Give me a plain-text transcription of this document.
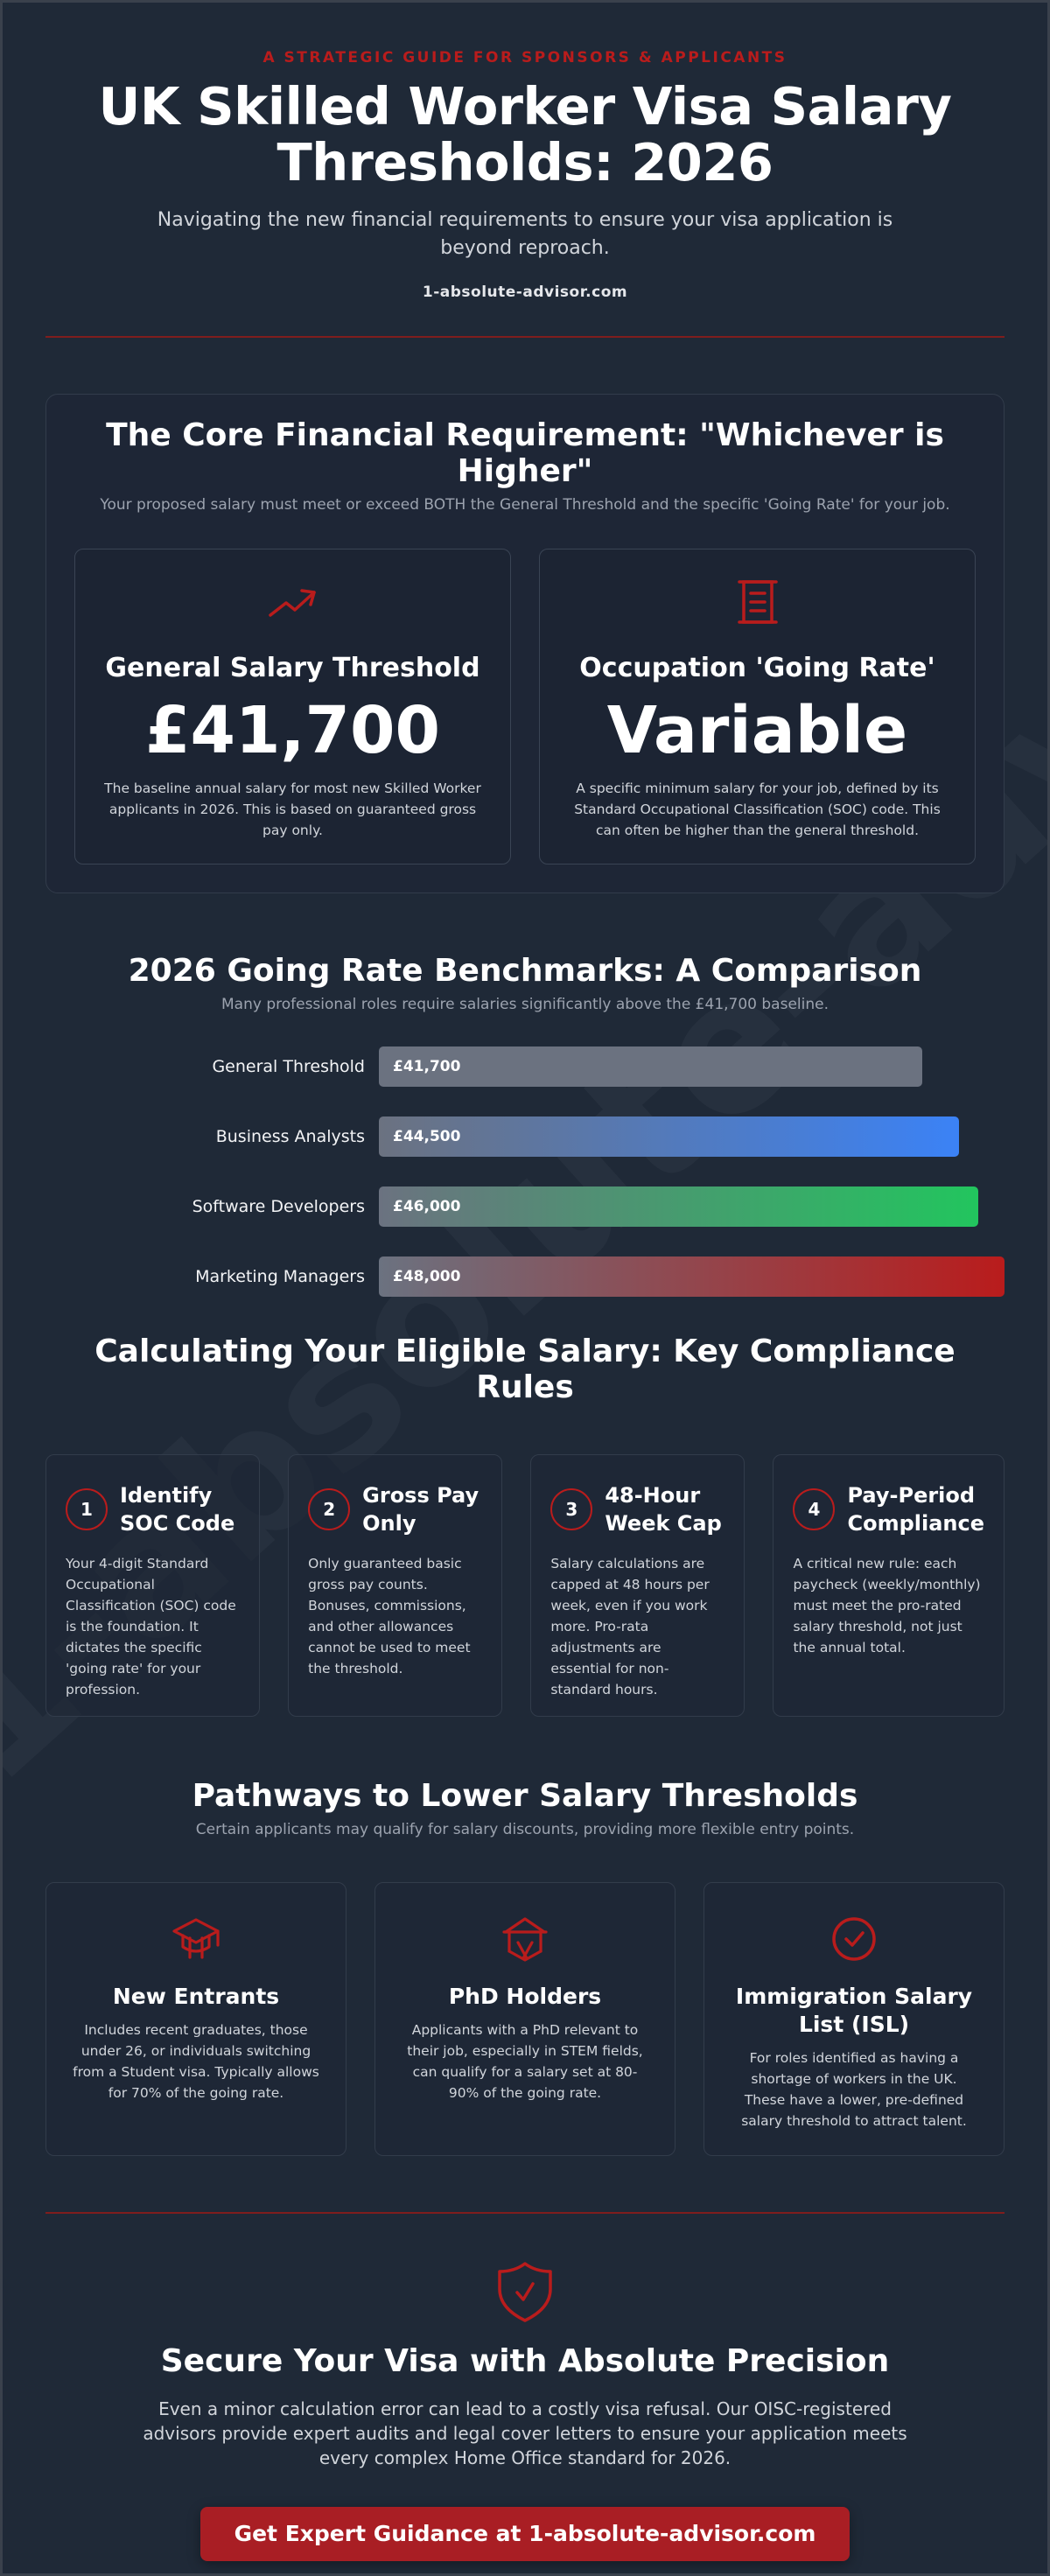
A STRATEGIC GUIDE FOR SPONSORS & APPLICANTS
UK Skilled Worker Visa Salary Thresholds: 2026

Navigating the new financial requirements to ensure your visa application is beyond reproach.

1-absolute-advisor.com
The Core Financial Requirement: "Whichever is Higher"

Your proposed salary must meet or exceed BOTH the General Threshold and the specific 'Going Rate' for your job.

General Salary Threshold
£41,700

The baseline annual salary for most new Skilled Worker applicants in 2026. This is based on guaranteed gross pay only.

Occupation 'Going Rate'
Variable

A specific minimum salary for your job, defined by its Standard Occupational Classification (SOC) code. This can often be higher than the general threshold.

2026 Going Rate Benchmarks: A Comparison

Many professional roles require salaries significantly above the £41,700 baseline.

General Threshold	£41,700
Business Analysts	£44,500
Software Developers	£46,000
Marketing Managers	£48,000
Calculating Your Eligible Salary: Key Compliance Rules
1
Identify SOC Code

Your 4-digit Standard Occupational Classification (SOC) code is the foundation. It dictates the specific 'going rate' for your profession.

2
Gross Pay Only

Only guaranteed basic gross pay counts. Bonuses, commissions, and other allowances cannot be used to meet the threshold.

3
48-Hour Week Cap

Salary calculations are capped at 48 hours per week, even if you work more. Pro-rata adjustments are essential for non-standard hours.

4
Pay-Period Compliance

A critical new rule: each paycheck (weekly/monthly) must meet the pro-rated salary threshold, not just the annual total.

Pathways to Lower Salary Thresholds

Certain applicants may qualify for salary discounts, providing more flexible entry points.

New Entrants

Includes recent graduates, those under 26, or individuals switching from a Student visa. Typically allows for 70% of the going rate.

PhD Holders

Applicants with a PhD relevant to their job, especially in STEM fields, can qualify for a salary set at 80-90% of the going rate.

Immigration Salary List (ISL)

For roles identified as having a shortage of workers in the UK. These have a lower, pre-defined salary threshold to attract talent.

Secure Your Visa with Absolute Precision

Even a minor calculation error can lead to a costly visa refusal. Our OISC-registered advisors provide expert audits and legal cover letters to ensure your application meets every complex Home Office standard for 2026.

Get Expert Guidance at 1-absolute-advisor.com
